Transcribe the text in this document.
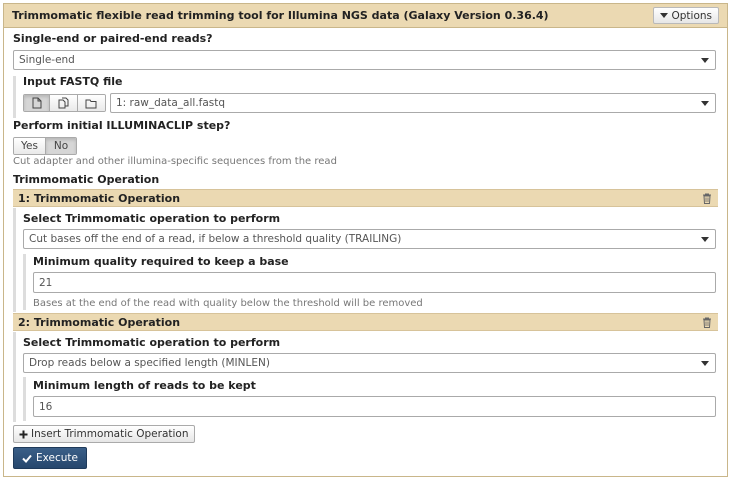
Trimmomatic flexible read trimming tool for Illumina NGS data (Galaxy Version 0.36.4)	Options
Single-end or paired-end reads?
Single-end
Input FASTQ file
1: raw_data_all.fastq
Perform initial ILLUMINACLIP step?
Yes	No
Cut adapter and other illumina-specific sequences from the read
Trimmomatic Operation
1: Trimmomatic Operation
Select Trimmomatic operation to perform
Cut bases off the end of a read, if below a threshold quality (TRAILING)
Minimum quality required to keep a base
21
Bases at the end of the read with quality below the threshold will be removed
2: Trimmomatic Operation
Select Trimmomatic operation to perform
Drop reads below a specified length (MINLEN)
Minimum length of reads to be kept
16
Insert Trimmomatic Operation
Execute
